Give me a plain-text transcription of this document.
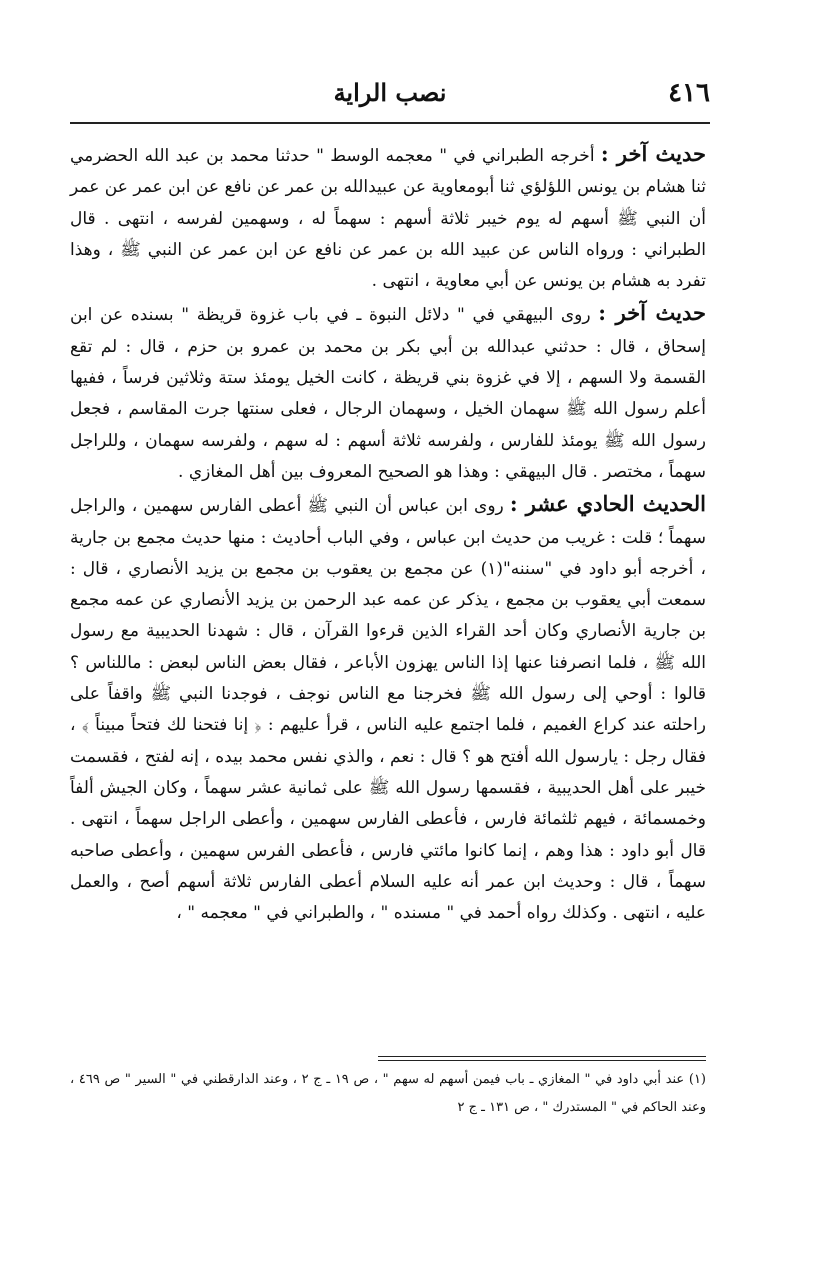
٤١٦
نصب الراية

حديث آخر : أخرجه الطبراني في " معجمه الوسط " حدثنا محمد بن عبد الله الحضرمي ثنا هشام بن يونس اللؤلؤي ثنا أبومعاوية عن عبيدالله بن عمر عن نافع عن ابن عمر عن عمر أن النبي ﷺ أسهم له يوم خيبر ثلاثة أسهم : سهماً له ، وسهمين لفرسه ، انتهى . قال الطبراني : ورواه الناس عن عبيد الله بن عمر عن نافع عن ابن عمر عن النبي ﷺ ، وهذا تفرد به هشام بن يونس عن أبي معاوية ، انتهى .

حديث آخر : روى البيهقي في " دلائل النبوة ـ في باب غزوة قريظة " بسنده عن ابن إسحاق ، قال : حدثني عبدالله بن أبي بكر بن محمد بن عمرو بن حزم ، قال : لم تقع القسمة ولا السهم ، إلا في غزوة بني قريظة ، كانت الخيل يومئذ ستة وثلاثين فرساً ، ففيها أعلم رسول الله ﷺ سهمان الخيل ، وسهمان الرجال ، فعلى سنتها جرت المقاسم ، فجعل رسول الله ﷺ يومئذ للفارس ، ولفرسه ثلاثة أسهم : له سهم ، ولفرسه سهمان ، وللراجل سهماً ، مختصر . قال البيهقي : وهذا هو الصحيح المعروف بين أهل المغازي .

الحديث الحادي عشر : روى ابن عباس أن النبي ﷺ أعطى الفارس سهمين ، والراجل سهماً ؛ قلت : غريب من حديث ابن عباس ، وفي الباب أحاديث : منها حديث مجمع بن جارية ، أخرجه أبو داود في "سننه"(١) عن مجمع بن يعقوب بن مجمع بن يزيد الأنصاري ، قال : سمعت أبي يعقوب بن مجمع ، يذكر عن عمه عبد الرحمن بن يزيد الأنصاري عن عمه مجمع بن جارية الأنصاري وكان أحد القراء الذين قرءوا القرآن ، قال : شهدنا الحديبية مع رسول الله ﷺ ، فلما انصرفنا عنها إذا الناس يهزون الأباعر ، فقال بعض الناس لبعض : ماللناس ؟ قالوا : أوحي إلى رسول الله ﷺ فخرجنا مع الناس نوجف ، فوجدنا النبي ﷺ واقفاً على راحلته عند كراع الغميم ، فلما اجتمع عليه الناس ، قرأ عليهم : ﴿ إنا فتحنا لك فتحاً مبيناً ﴾ ، فقال رجل : يارسول الله أفتح هو ؟ قال : نعم ، والذي نفس محمد بيده ، إنه لفتح ، فقسمت خيبر على أهل الحديبية ، فقسمها رسول الله ﷺ على ثمانية عشر سهماً ، وكان الجيش ألفاً وخمسمائة ، فيهم ثلثمائة فارس ، فأعطى الفارس سهمين ، وأعطى الراجل سهماً ، انتهى . قال أبو داود : هذا وهم ، إنما كانوا مائتي فارس ، فأعطى الفرس سهمين ، وأعطى صاحبه سهماً ، قال : وحديث ابن عمر أنه عليه السلام أعطى الفارس ثلاثة أسهم أصح ، والعمل عليه ، انتهى . وكذلك رواه أحمد في " مسنده " ، والطبراني في " معجمه " ،

(١) عند أبي داود في " المغازي ـ باب فيمن أسهم له سهم " ، ص ١٩ ـ ج ٢ ، وعند الدارقطني في " السير " ص ٤٦٩ ، وعند الحاكم في " المستدرك " ، ص ١٣١ ـ ج ٢
